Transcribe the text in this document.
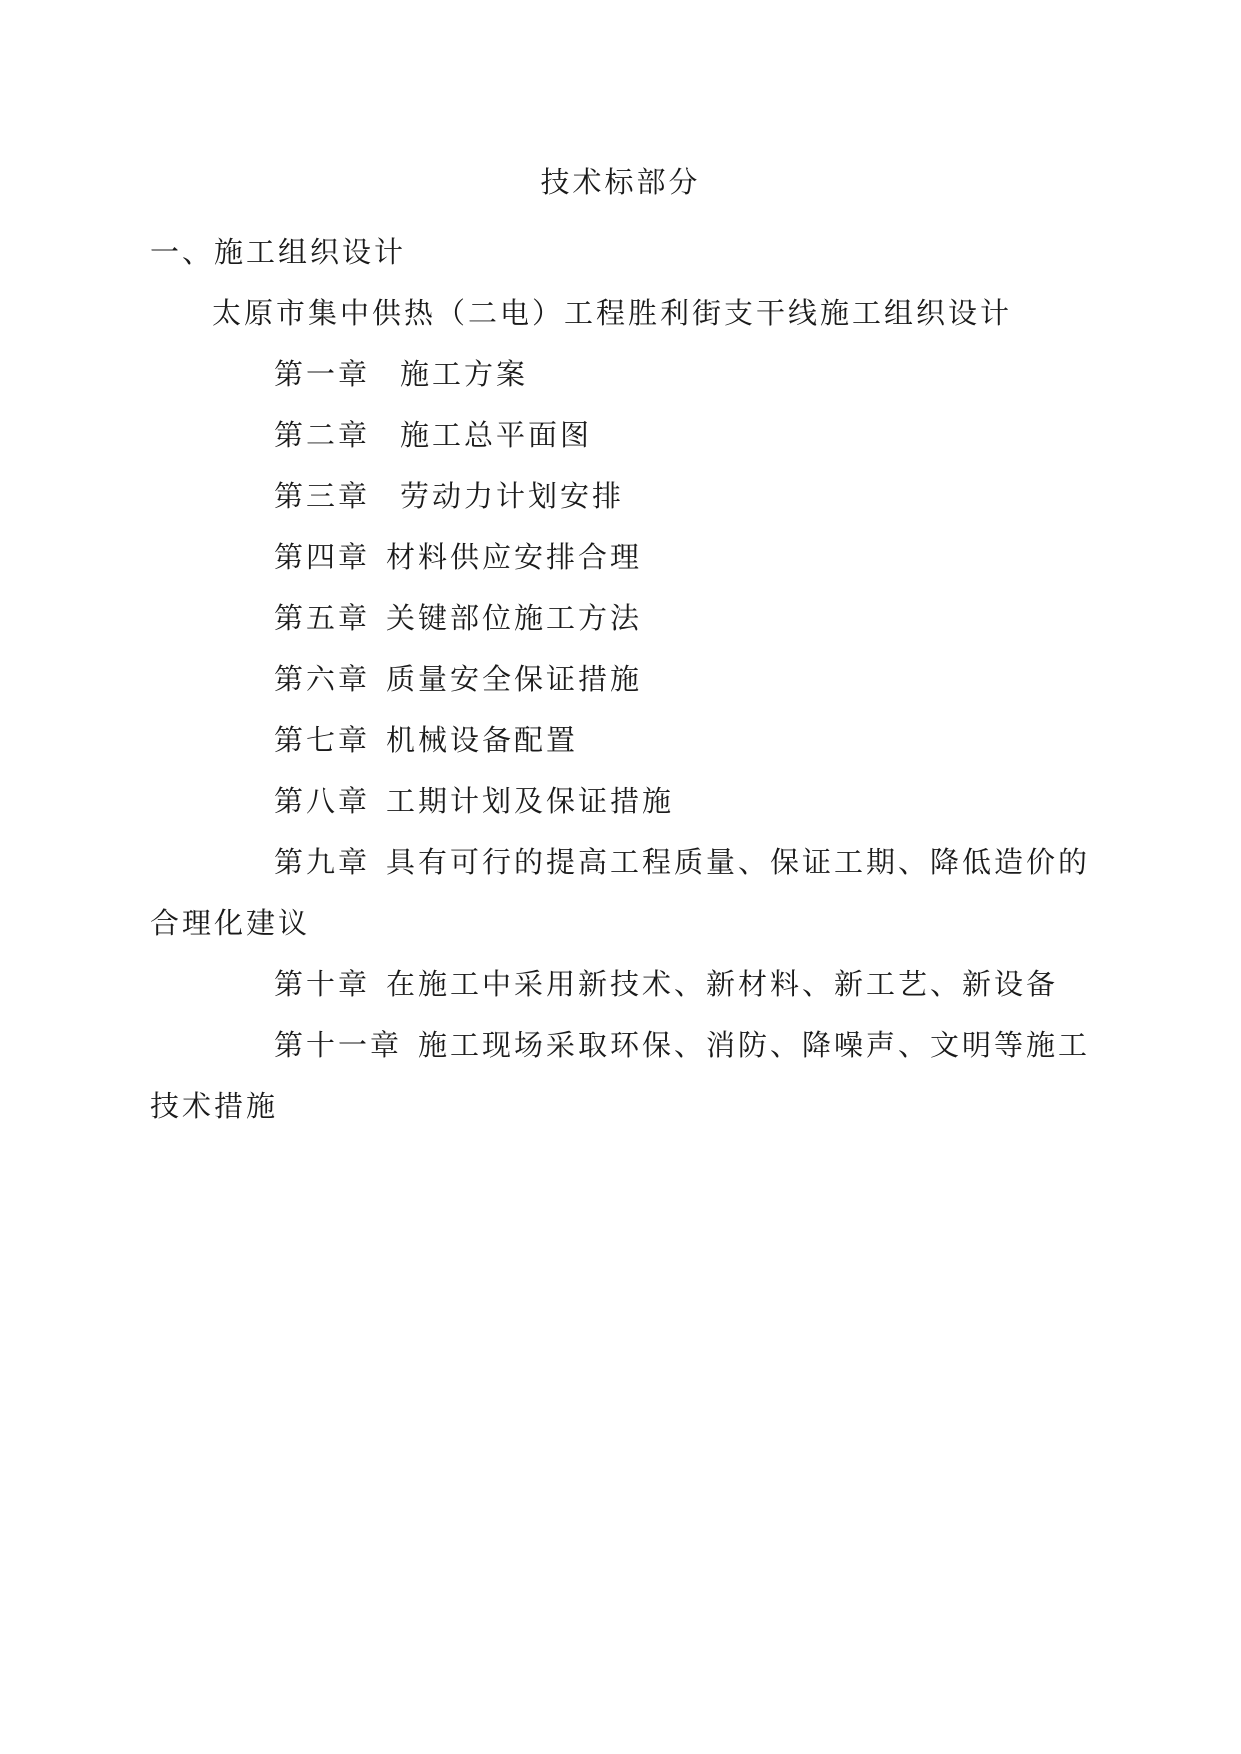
技术标部分
一、施工组织设计

太原市集中供热（二电）工程胜利街支干线施工组织设计

第一章 施工方案
第二章 施工总平面图
第三章 劳动力计划安排
第四章 材料供应安排合理
第五章 关键部位施工方法
第六章 质量安全保证措施
第七章 机械设备配置
第八章 工期计划及保证措施
第九章 具有可行的提高工程质量、保证工期、降低造价的合理化建议
第十章 在施工中采用新技术、新材料、新工艺、新设备
第十一章 施工现场采取环保、消防、降噪声、文明等施工技术措施
